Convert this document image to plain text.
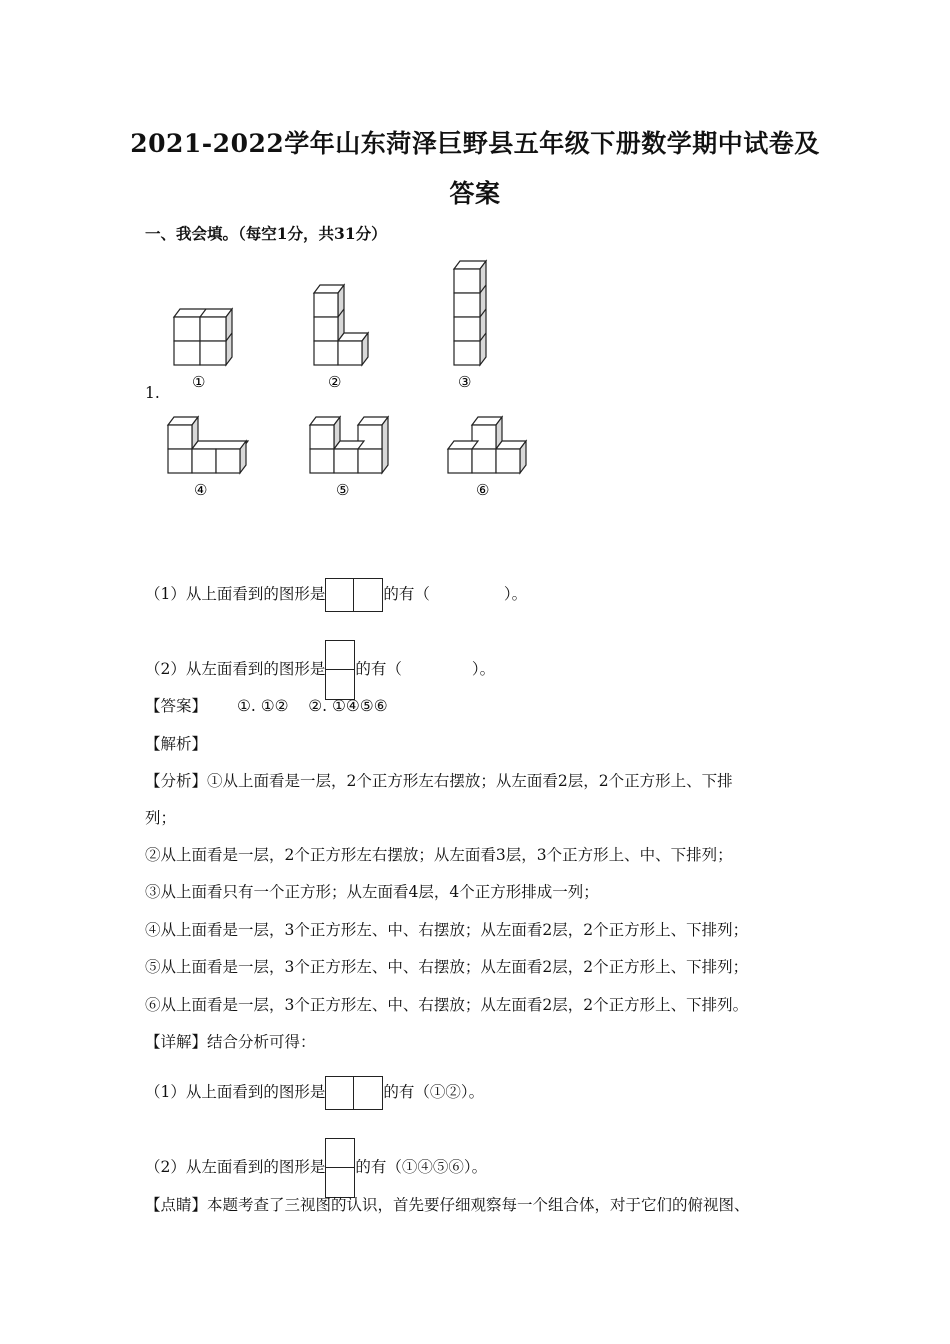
2021-2022学年山东菏泽巨野县五年级下册数学期中试卷及
答案
一、我会填。（每空1分，共31分）
1.
①	②	③
④	⑤	⑥
（1）从上面看到的图形是	的有（	）。
（2）从左面看到的图形是 的有（	）。
【答案】 ①. ①②    ②. ①④⑤⑥
【解析】
【分析】①从上面看是一层，2个正方形左右摆放；从左面看2层，2个正方形上、下排
列；
②从上面看是一层，2个正方形左右摆放；从左面看3层，3个正方形上、中、下排列；
③从上面看只有一个正方形；从左面看4层，4个正方形排成一列；
④从上面看是一层，3个正方形左、中、右摆放；从左面看2层，2个正方形上、下排列；
⑤从上面看是一层，3个正方形左、中、右摆放；从左面看2层，2个正方形上、下排列；
⑥从上面看是一层，3个正方形左、中、右摆放；从左面看2层，2个正方形上、下排列。
【详解】结合分析可得：
（1）从上面看到的图形是	的有（①②）。
（2）从左面看到的图形是 的有（①④⑤⑥）。
【点睛】本题考查了三视图的认识，首先要仔细观察每一个组合体，对于它们的俯视图、
